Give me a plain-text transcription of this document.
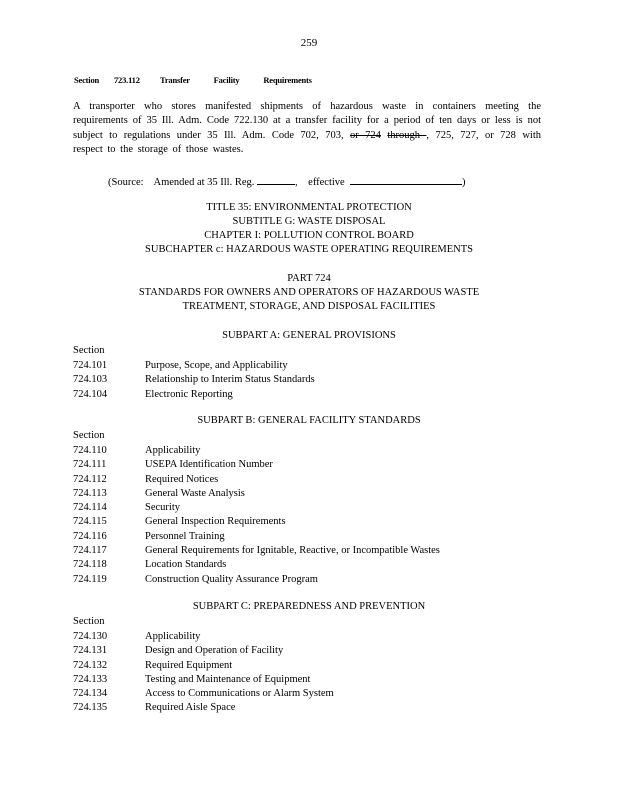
259
Section 723.112 Transfer Facility Requirements
A transporter who stores manifested shipments of hazardous waste in containers meeting the requirements of 35 Ill. Adm. Code 722.130 at a transfer facility for a period of ten days or less is not subject to regulations under 35 Ill. Adm. Code 702, 703, or 724 through , 725, 727, or 728 with respect to the storage of those wastes.
(Source: Amended at 35 Ill. Reg.	, effective	)
TITLE 35: ENVIRONMENTAL PROTECTION
SUBTITLE G: WASTE DISPOSAL
CHAPTER I: POLLUTION CONTROL BOARD
SUBCHAPTER c: HAZARDOUS WASTE OPERATING REQUIREMENTS
PART 724
STANDARDS FOR OWNERS AND OPERATORS OF HAZARDOUS WASTE
TREATMENT, STORAGE, AND DISPOSAL FACILITIES
SUBPART A: GENERAL PROVISIONS
Section
724.101	Purpose, Scope, and Applicability
724.103	Relationship to Interim Status Standards
724.104	Electronic Reporting
SUBPART B: GENERAL FACILITY STANDARDS
Section
724.110	Applicability
724.111	USEPA Identification Number
724.112	Required Notices
724.113	General Waste Analysis
724.114	Security
724.115	General Inspection Requirements
724.116	Personnel Training
724.117	General Requirements for Ignitable, Reactive, or Incompatible Wastes
724.118	Location Standards
724.119	Construction Quality Assurance Program
SUBPART C: PREPAREDNESS AND PREVENTION
Section
724.130	Applicability
724.131	Design and Operation of Facility
724.132	Required Equipment
724.133	Testing and Maintenance of Equipment
724.134	Access to Communications or Alarm System
724.135	Required Aisle Space
